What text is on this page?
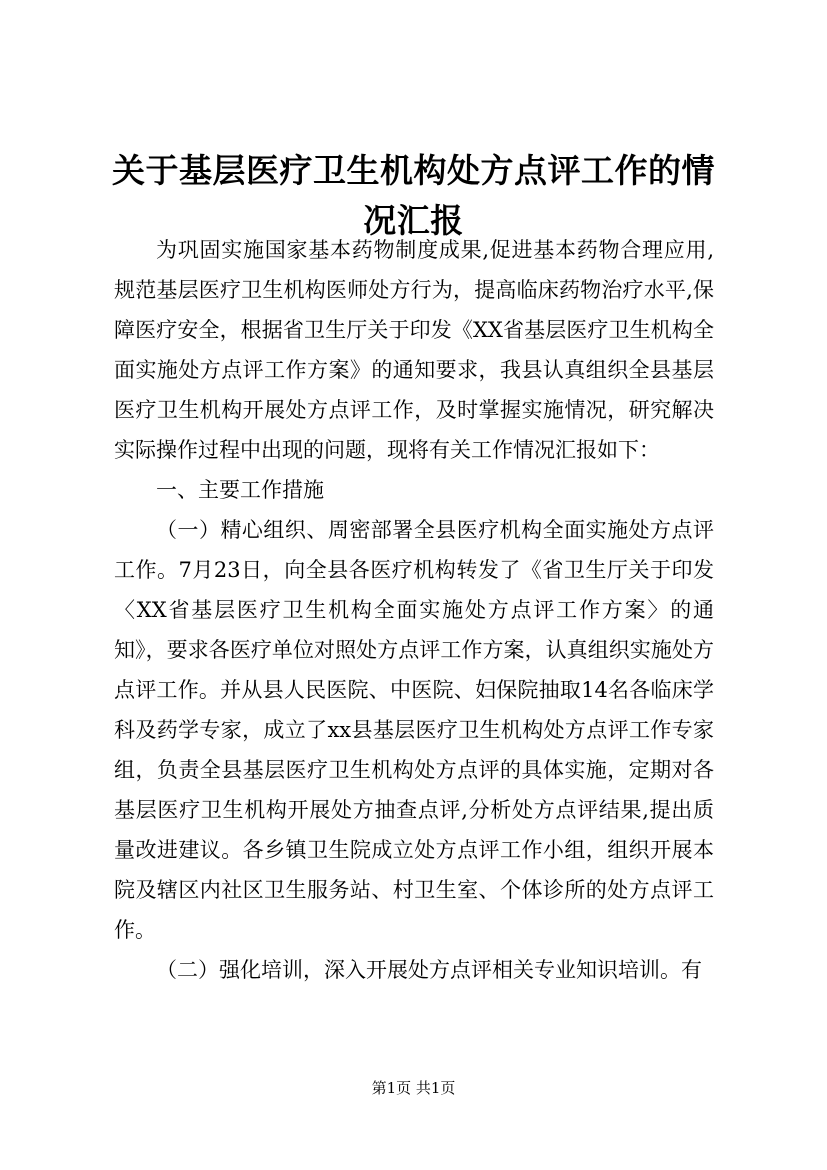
关于基层医疗卫生机构处方点评工作的情况汇报

为巩固实施国家基本药物制度成果,促进基本药物合理应用,规范基层医疗卫生机构医师处方行为，提高临床药物治疗水平,保障医疗安全，根据省卫生厅关于印发《XX省基层医疗卫生机构全面实施处方点评工作方案》的通知要求，我县认真组织全县基层医疗卫生机构开展处方点评工作，及时掌握实施情况，研究解决实际操作过程中出现的问题，现将有关工作情况汇报如下：

一、主要工作措施

（一）精心组织、周密部署全县医疗机构全面实施处方点评工作。7月23日，向全县各医疗机构转发了《省卫生厅关于印发〈XX省基层医疗卫生机构全面实施处方点评工作方案〉的通知》，要求各医疗单位对照处方点评工作方案，认真组织实施处方点评工作。并从县人民医院、中医院、妇保院抽取14名各临床学科及药学专家，成立了xx县基层医疗卫生机构处方点评工作专家组，负责全县基层医疗卫生机构处方点评的具体实施，定期对各基层医疗卫生机构开展处方抽查点评,分析处方点评结果,提出质量改进建议。各乡镇卫生院成立处方点评工作小组，组织开展本院及辖区内社区卫生服务站、村卫生室、个体诊所的处方点评工作。

（二）强化培训，深入开展处方点评相关专业知识培训。有

第1页 共1页
